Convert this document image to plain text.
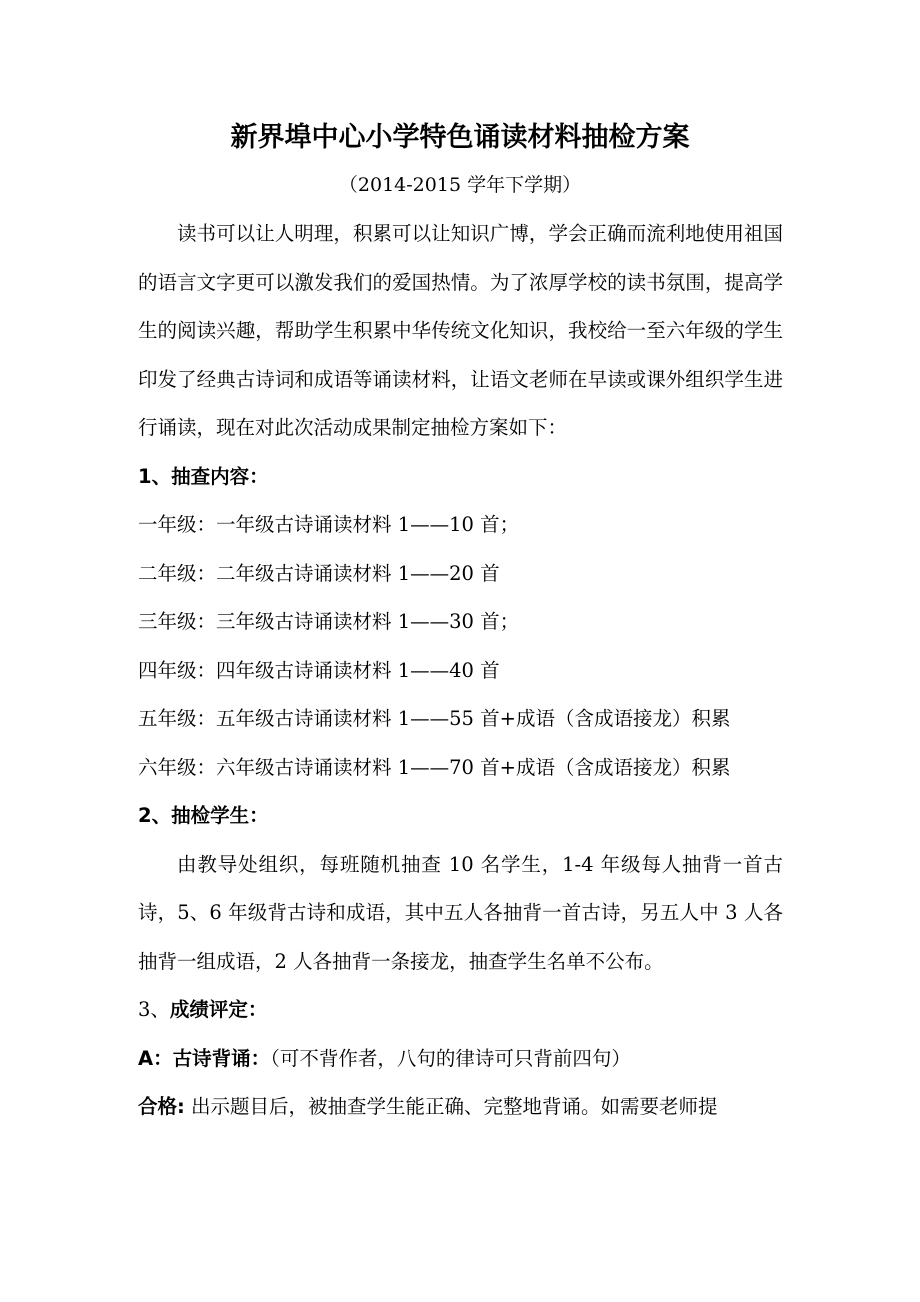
新界埠中心小学特色诵读材料抽检方案
（2014-2015 学年下学期）

读书可以让人明理，积累可以让知识广博，学会正确而流利地使用祖国的语言文字更可以激发我们的爱国热情。为了浓厚学校的读书氛围，提高学生的阅读兴趣，帮助学生积累中华传统文化知识，我校给一至六年级的学生印发了经典古诗词和成语等诵读材料，让语文老师在早读或课外组织学生进行诵读，现在对此次活动成果制定抽检方案如下：

1、抽查内容：
一年级：一年级古诗诵读材料 1——10 首；
二年级：二年级古诗诵读材料 1——20 首
三年级：三年级古诗诵读材料 1——30 首；
四年级：四年级古诗诵读材料 1——40 首
五年级：五年级古诗诵读材料 1——55 首+成语（含成语接龙）积累
六年级：六年级古诗诵读材料 1——70 首+成语（含成语接龙）积累
2、抽检学生：

由教导处组织，每班随机抽查 10 名学生，1-4 年级每人抽背一首古诗，5、6 年级背古诗和成语，其中五人各抽背一首古诗，另五人中 3 人各抽背一组成语，2 人各抽背一条接龙，抽查学生名单不公布。

3、成绩评定：
A：古诗背诵：（可不背作者，八句的律诗可只背前四句）
合格: 出示题目后，被抽查学生能正确、完整地背诵。如需要老师提
